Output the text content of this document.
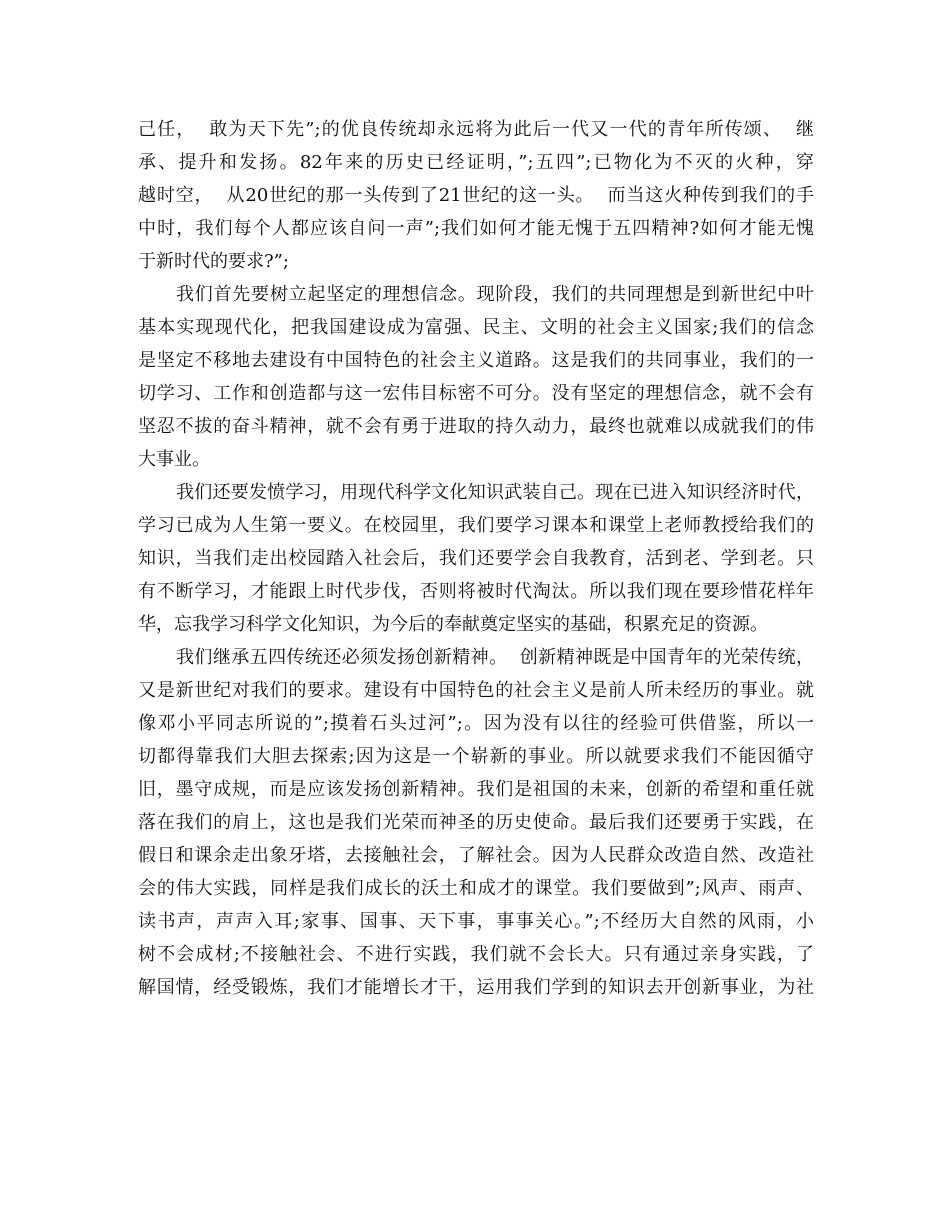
己任，  敢为天下先”;的优良传统却永远将为此后一代又一代的青年所传颂、  继
承、提升和发扬。82年来的历史已经证明，”;五四”;已物化为不灭的火种，穿
越时空，  从20世纪的那一头传到了21世纪的这一头。  而当这火种传到我们的手
中时，我们每个人都应该自问一声”;我们如何才能无愧于五四精神?如何才能无愧
于新时代的要求?”;
我们首先要树立起坚定的理想信念。现阶段，我们的共同理想是到新世纪中叶
基本实现现代化，把我国建设成为富强、民主、文明的社会主义国家;我们的信念
是坚定不移地去建设有中国特色的社会主义道路。这是我们的共同事业，我们的一
切学习、工作和创造都与这一宏伟目标密不可分。没有坚定的理想信念，就不会有
坚忍不拔的奋斗精神，就不会有勇于进取的持久动力，最终也就难以成就我们的伟
大事业。
我们还要发愤学习，用现代科学文化知识武装自己。现在已进入知识经济时代，
学习已成为人生第一要义。在校园里，我们要学习课本和课堂上老师教授给我们的
知识，当我们走出校园踏入社会后，我们还要学会自我教育，活到老、学到老。只
有不断学习，才能跟上时代步伐，否则将被时代淘汰。所以我们现在要珍惜花样年
华，忘我学习科学文化知识，为今后的奉献奠定坚实的基础，积累充足的资源。
我们继承五四传统还必须发扬创新精神。  创新精神既是中国青年的光荣传统，
又是新世纪对我们的要求。建设有中国特色的社会主义是前人所未经历的事业。就
像邓小平同志所说的”;摸着石头过河”;。因为没有以往的经验可供借鉴，所以一
切都得靠我们大胆去探索;因为这是一个崭新的事业。所以就要求我们不能因循守
旧，墨守成规，而是应该发扬创新精神。我们是祖国的未来，创新的希望和重任就
落在我们的肩上，这也是我们光荣而神圣的历史使命。最后我们还要勇于实践，在
假日和课余走出象牙塔，去接触社会，了解社会。因为人民群众改造自然、改造社
会的伟大实践，同样是我们成长的沃土和成才的课堂。我们要做到”;风声、雨声、
读书声，声声入耳;家事、国事、天下事，事事关心。”;不经历大自然的风雨，小
树不会成材;不接触社会、不进行实践，我们就不会长大。只有通过亲身实践，了
解国情，经受锻炼，我们才能增长才干，运用我们学到的知识去开创新事业，为社
